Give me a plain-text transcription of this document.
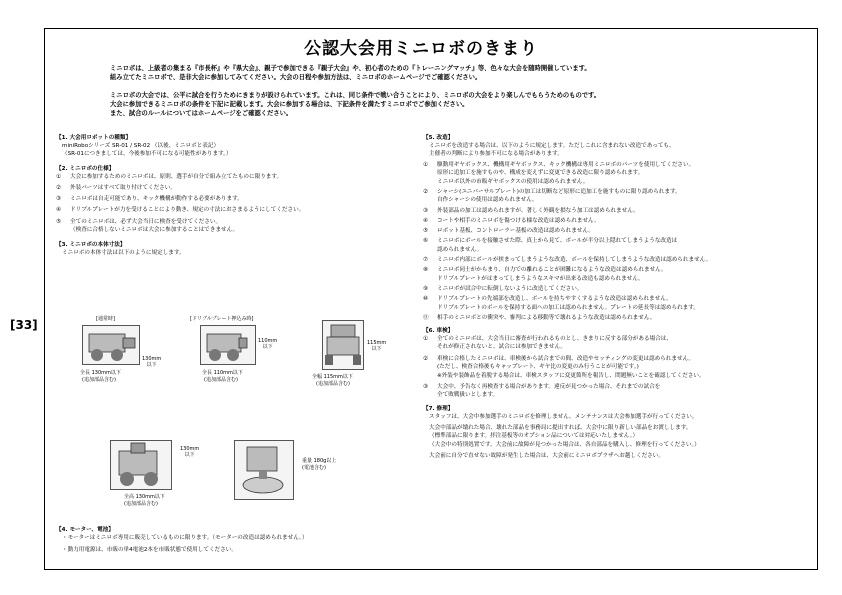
[33]
公認大会用ミニロボのきまり
ミニロボは、上級者の集まる『市長杯』や『県大会』、親子で参加できる『親子大会』や、初心者のための『トレーニングマッチ』等、色々な大会を随時開催しています。
組み立てたミニロボで、是非大会に参加してみてください。大会の日程や参加方法は、ミニロボのホームページでご確認ください。
ミニロボの大会では、公平に試合を行うためにきまりが設けられています。これは、同じ条件で戦い合うことにより、ミニロボの大会をより楽しんでもらうためのものです。
大会に参加できるミニロボの条件を下記に記載します。大会に参加する場合は、下記条件を満たすミニロボでご参加ください。
また、試合のルールについてはホームページをご確認ください。

【1. 大会用ロボットの種類】

miniRoboシリーズ SR-01 / SR-02 （以後、ミニロボと表記）

（SR-01につきましては、今後参加不可になる可能性があります。）

【2. ミニロボの仕様】

①	大会に参加するためのミニロボは、原則、選手が自分で組み立てたものに限ります。
②	外装パーツはすべて取り付けてください。
③	ミニロボは自走可能であり、キック機構が動作する必要があります。
④	ドリブルプレートが力を受けることにより動き、規定の寸法におさまるようにしてください。
⑤	全てのミニロボは、必ず大会当日に検査を受けてください。

（検査に合格しないミニロボは大会に参加することはできません。

【3. ミニロボの本体寸法】

ミニロボの本体寸法は以下のように規定します。

[通常時]
130mm
以下
全長 130mm以下
(追加部品含む)
[ドリブルプレート押込み時]
110mm
以下
全長 110mm以下
(追加部品含む)
115mm
以下
全幅 115mm以下
(追加部品含む)
130mm
以下
全高 130mm以下
(追加部品含む)
重量 180g以上
(電池含む)

【4. モーター、電池】

・モーターはミニロボ専用に販売しているものに限ります。（モーターの改造は認められません。）

・動力用電源は、市販の単4電池2本を市販状態で使用してください。

【5. 改造】

ミニロボを改造する場合は、以下のように規定します。ただしこれに含まれない改造であっても、

主催者の判断により参加不可になる場合があります。

①	駆動用ギヤボックス、機構用ギヤボックス、キック機構は専用ミニロボのパーツを使用してください。

原形に追加工を施すものや、構成を変えずに変更できる改造に限り認められます。

ミニロボ以外の市販ギヤボックスの使用は認められません。

②	シャーシ(ユニバーサルプレート)の加工は切断など原形に追加工を施すものに限り認められます。

自作シャーシの使用は認められません。

③	外装部品の加工は認められますが、著しく外観を損なう加工は認められません。
④	コートや相手のミニロボを傷つける様な改造は認められません。
⑤	ロボット基板、コントローラー基板の改造は認められません。
⑥	ミニロボにボールを接触させた際、真上から見て、ボールが半分以上隠れてしまうような改造は

認められません。

⑦	ミニロボ内部にボールが挟まってしまうような改造、ボールを保持してしまうような改造は認められません。
⑧	ミニロボ同士がからまり、自力での離れることが困難になるような改造は認められません。

ドリブルプレートがはまってしまうようなスキマが出来る改造も認められません。

⑨	ミニロボが試合中に転倒しないように改造してください。
⑩	ドリブルプレートの先端部を改造し、ボールを持ちやすくするような改造は認められません。

ドリブルプレートのボールを保持する面への加工は認められません。プレートの延長等は認められます。

⑪	相手のミニロボとの衝突や、審判による移動等で壊れるような改造は認められません。

【6. 車検】

①	全てのミニロボは、大会当日に審査が行われるものとし、きまりに反する部分がある場合は、

それが修正されないと、試合には参加できません。

②	車検に合格したミニロボは、車検後から試合までの間、改造やセッティングの変更は認められません。

(ただし、検査合格後もキャップレート、ギヤ比の変更のみ行うことが可能です。)

※外装や装飾品を着脱する場合は、車検スタッフに変更箇所を報告し、問題無いことを確認してください。

③	大会中、予告なく再検査する場合があります。違反が見つかった場合、それまでの試合を

全て敗戦扱いとします。

【7. 修理】

スタッフは、大会中参加選手のミニロボを修理しません。メンテナンスは大会参加選手が行ってください。

大会中部品が壊れた場合、壊れた部品を事務局に提出すれば、大会中に限り新しい部品をお渡しします。

（標準部品に限ります。拝注基板等のオプション品については対応いたしません。）

（大会中の特別処置です。大会前に故障が見つかった場合は、各自部品を購入し、修理を行ってください。）

大会前に自分で直せない故障が発生した場合は、大会前にミニロボプラザへお越しください。
